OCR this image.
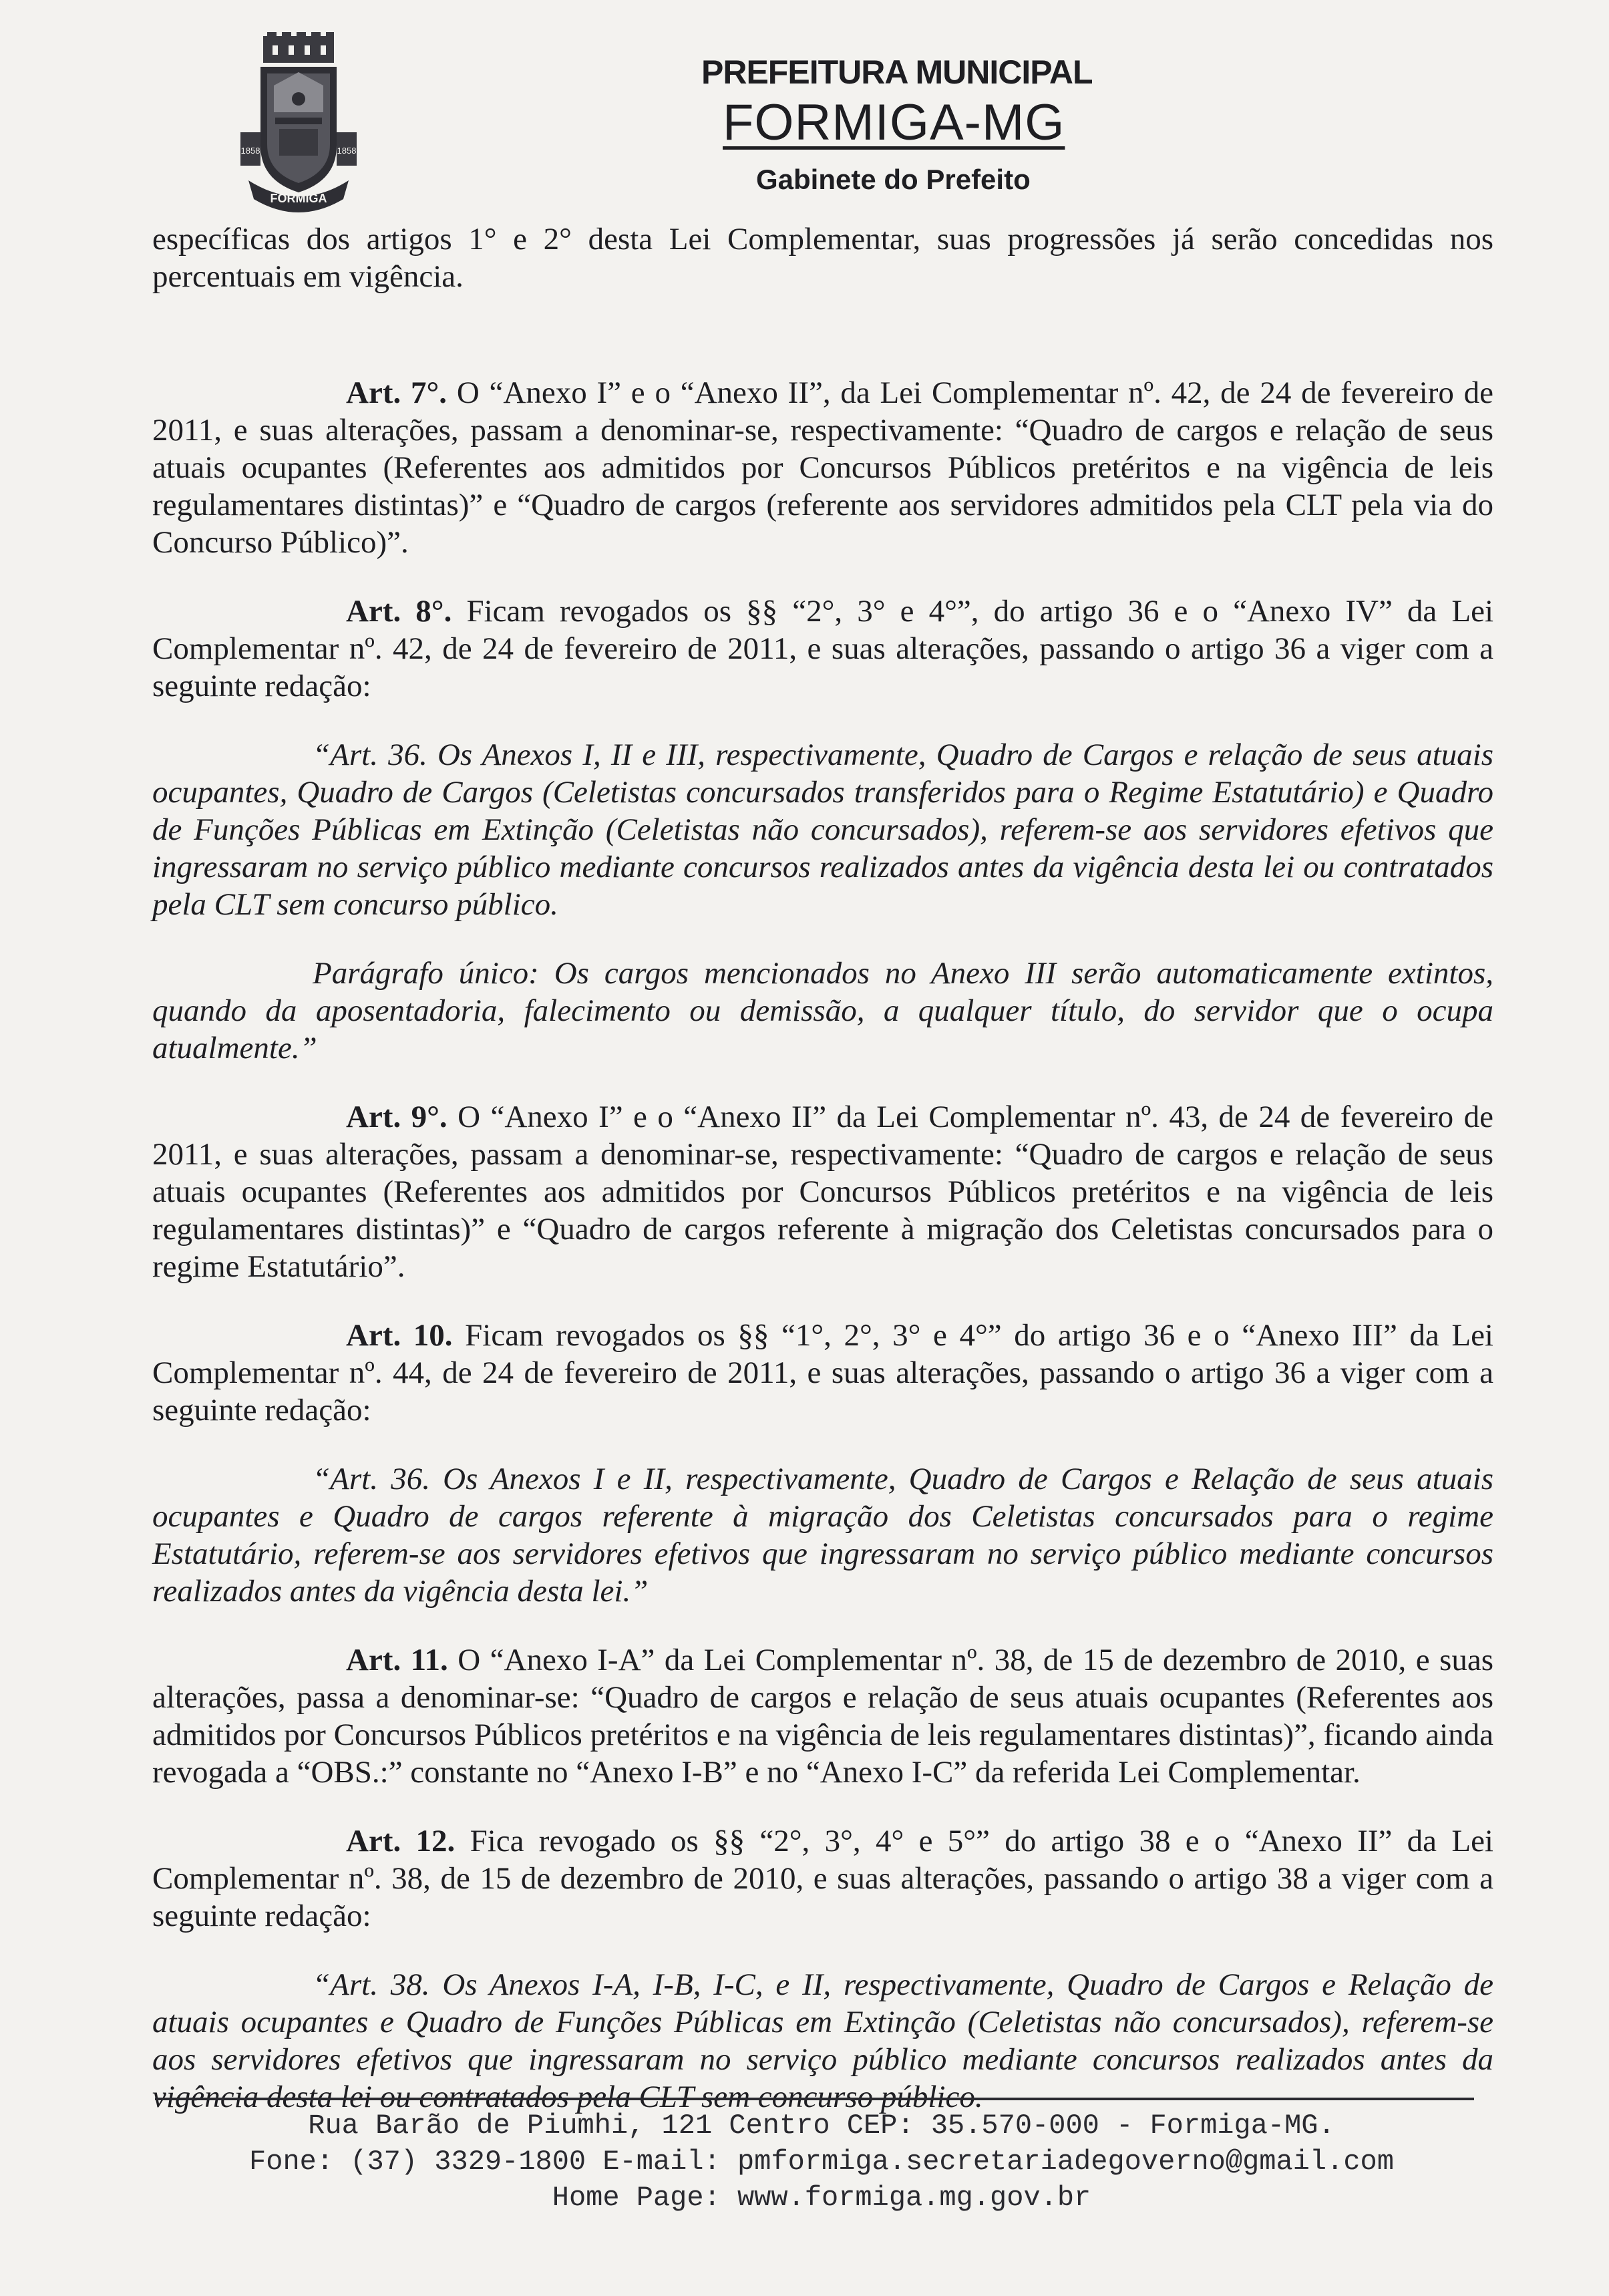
1858	1858
FORMIGA
PREFEITURA MUNICIPAL
FORMIGA-MG
Gabinete do Prefeito

específicas dos artigos 1° e 2° desta Lei Complementar, suas progressões já serão concedidas nos percentuais em vigência.

Art. 7°. O “Anexo I” e o “Anexo II”, da Lei Complementar nº. 42, de 24 de fevereiro de 2011, e suas alterações, passam a denominar-se, respectivamente: “Quadro de cargos e relação de seus atuais ocupantes (Referentes aos admitidos por Concursos Públicos pretéritos e na vigência de leis regulamentares distintas)” e “Quadro de cargos (referente aos servidores admitidos pela CLT pela via do Concurso Público)”.

Art. 8°. Ficam revogados os §§ “2°, 3° e 4°”, do artigo 36 e o “Anexo IV” da Lei Complementar nº. 42, de 24 de fevereiro de 2011, e suas alterações, passando o artigo 36 a viger com a seguinte redação:

“Art. 36. Os Anexos I, II e III, respectivamente, Quadro de Cargos e relação de seus atuais ocupantes, Quadro de Cargos (Celetistas concursados transferidos para o Regime Estatutário) e Quadro de Funções Públicas em Extinção (Celetistas não concursados), referem-se aos servidores efetivos que ingressaram no serviço público mediante concursos realizados antes da vigência desta lei ou contratados pela CLT sem concurso público.

Parágrafo único: Os cargos mencionados no Anexo III serão automaticamente extintos, quando da aposentadoria, falecimento ou demissão, a qualquer título, do servidor que o ocupa atualmente.”

Art. 9°. O “Anexo I” e o “Anexo II” da Lei Complementar nº. 43, de 24 de fevereiro de 2011, e suas alterações, passam a denominar-se, respectivamente: “Quadro de cargos e relação de seus atuais ocupantes (Referentes aos admitidos por Concursos Públicos pretéritos e na vigência de leis regulamentares distintas)” e “Quadro de cargos referente à migração dos Celetistas concursados para o regime Estatutário”.

Art. 10. Ficam revogados os §§ “1°, 2°, 3° e 4°” do artigo 36 e o “Anexo III” da Lei Complementar nº. 44, de 24 de fevereiro de 2011, e suas alterações, passando o artigo 36 a viger com a seguinte redação:

“Art. 36. Os Anexos I e II, respectivamente, Quadro de Cargos e Relação de seus atuais ocupantes e Quadro de cargos referente à migração dos Celetistas concursados para o regime Estatutário, referem-se aos servidores efetivos que ingressaram no serviço público mediante concursos realizados antes da vigência desta lei.”

Art. 11. O “Anexo I-A” da Lei Complementar nº. 38, de 15 de dezembro de 2010, e suas alterações, passa a denominar-se: “Quadro de cargos e relação de seus atuais ocupantes (Referentes aos admitidos por Concursos Públicos pretéritos e na vigência de leis regulamentares distintas)”, ficando ainda revogada a “OBS.:” constante no “Anexo I-B” e no “Anexo I-C” da referida Lei Complementar.

Art. 12. Fica revogado os §§ “2°, 3°, 4° e 5°” do artigo 38 e o “Anexo II” da Lei Complementar nº. 38, de 15 de dezembro de 2010, e suas alterações, passando o artigo 38 a viger com a seguinte redação:

“Art. 38. Os Anexos I-A, I-B, I-C, e II, respectivamente, Quadro de Cargos e Relação de atuais ocupantes e Quadro de Funções Públicas em Extinção (Celetistas não concursados), referem-se aos servidores efetivos que ingressaram no serviço público mediante concursos realizados antes da vigência desta lei ou contratados pela CLT sem concurso público.

Rua Barão de Piumhi, 121 Centro CEP: 35.570-000 - Formiga-MG.
Fone: (37) 3329-1800 E-mail: pmformiga.secretariadegoverno@gmail.com
Home Page: www.formiga.mg.gov.br
